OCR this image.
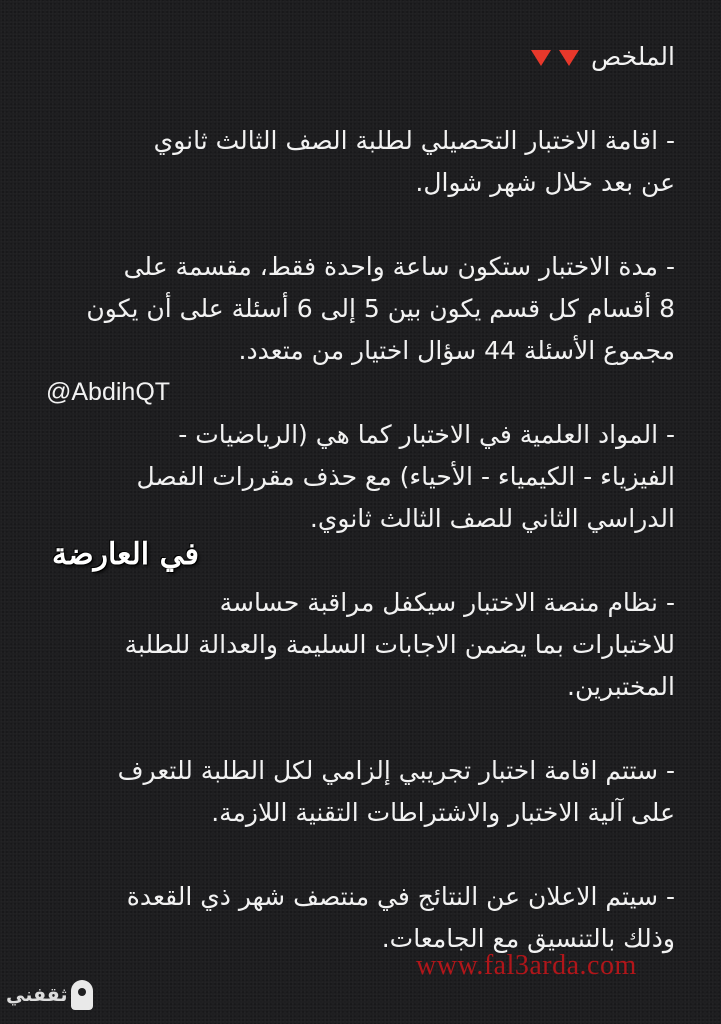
الملخص
- اقامة الاختبار التحصيلي لطلبة الصف الثالث ثانوي
عن بعد خلال شهر شوال.
- مدة الاختبار ستكون ساعة واحدة فقط، مقسمة على
8 أقسام كل قسم يكون بين 5 إلى 6 أسئلة على أن يكون
مجموع الأسئلة 44 سؤال اختيار من متعدد.
- المواد العلمية في الاختبار كما هي (الرياضيات -
الفيزياء - الكيمياء - الأحياء) مع حذف مقررات الفصل
الدراسي الثاني للصف الثالث ثانوي.
- نظام منصة الاختبار سيكفل مراقبة حساسة
للاختبارات بما يضمن الاجابات السليمة والعدالة للطلبة
المختبرين.
- ستتم اقامة اختبار تجريبي إلزامي لكل الطلبة للتعرف
على آلية الاختبار والاشتراطات التقنية اللازمة.
- سيتم الاعلان عن النتائج في منتصف شهر ذي القعدة
وذلك بالتنسيق مع الجامعات.
@AbdihQT
في العارضة
www.fal3arda.com
ثقفني
